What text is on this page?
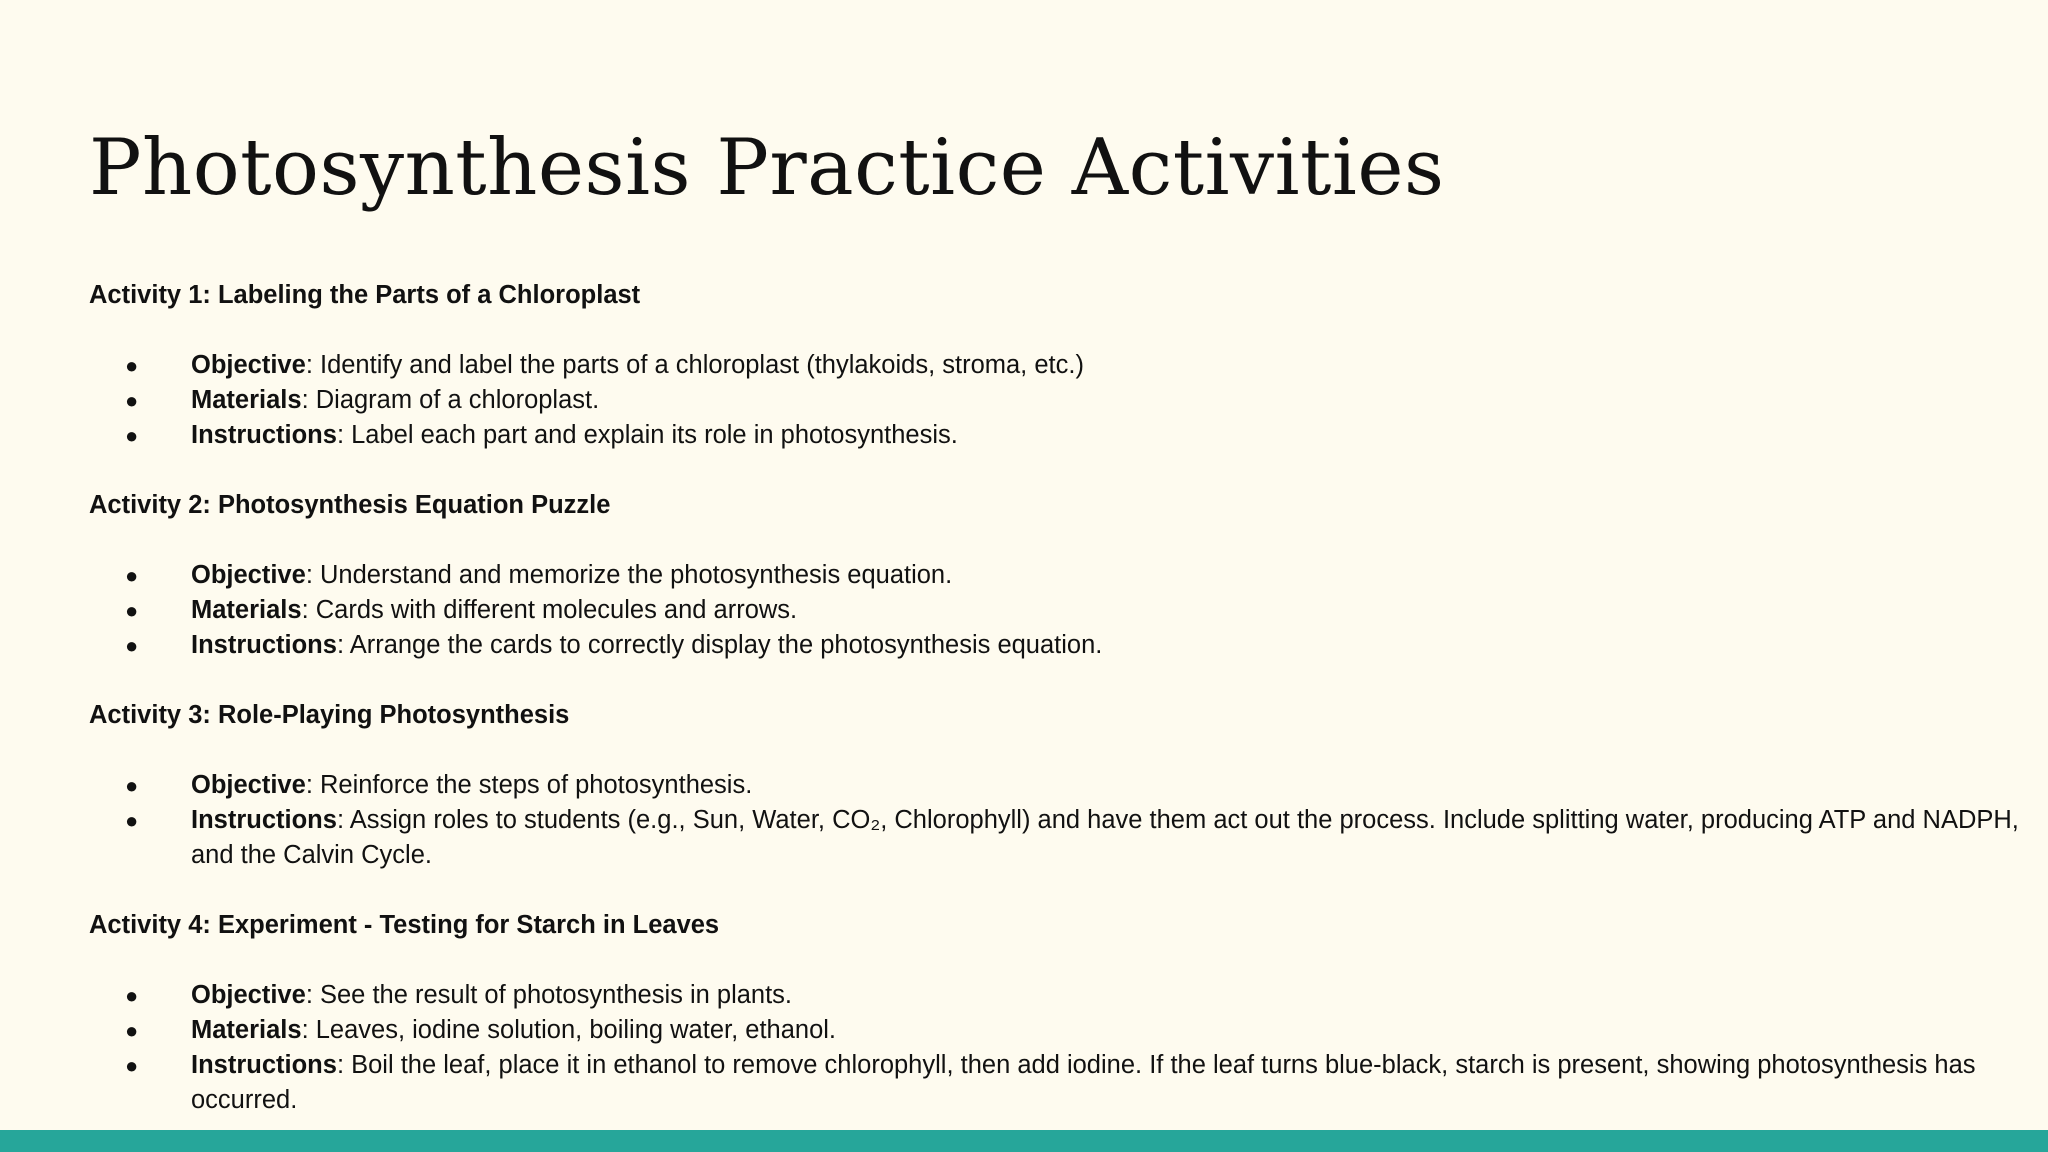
Photosynthesis Practice Activities

Activity 1: Labeling the Parts of a Chloroplast

● Objective: Identify and label the parts of a chloroplast (thylakoids, stroma, etc.)
● Materials: Diagram of a chloroplast.
● Instructions: Label each part and explain its role in photosynthesis.

Activity 2: Photosynthesis Equation Puzzle

● Objective: Understand and memorize the photosynthesis equation.
● Materials: Cards with different molecules and arrows.
● Instructions: Arrange the cards to correctly display the photosynthesis equation.

Activity 3: Role-Playing Photosynthesis

● Objective: Reinforce the steps of photosynthesis.
● Instructions: Assign roles to students (e.g., Sun, Water, CO₂, Chlorophyll) and have them act out the process. Include splitting water, producing ATP and NADPH, and the Calvin Cycle.

Activity 4: Experiment - Testing for Starch in Leaves

● Objective: See the result of photosynthesis in plants.
● Materials: Leaves, iodine solution, boiling water, ethanol.
● Instructions: Boil the leaf, place it in ethanol to remove chlorophyll, then add iodine. If the leaf turns blue-black, starch is present, showing photosynthesis has occurred.
